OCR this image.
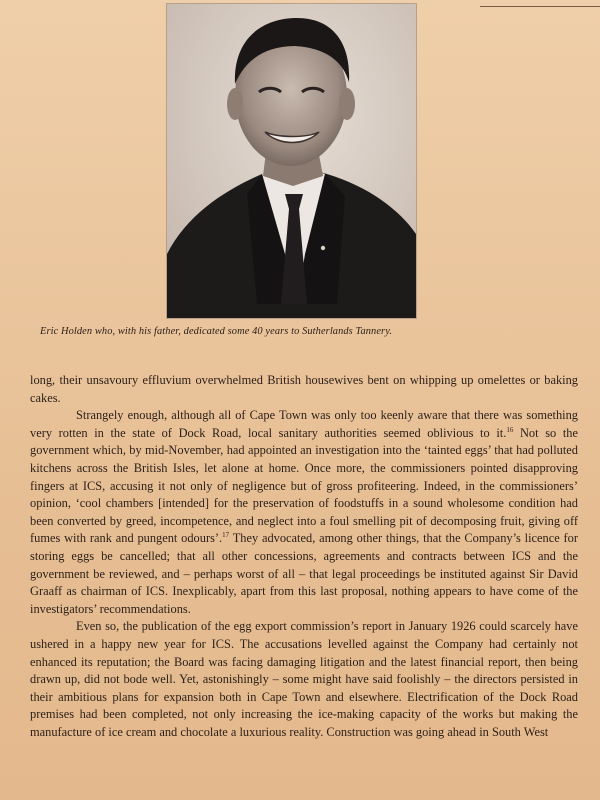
Eric Holden who, with his father, dedicated some 40 years to Sutherlands Tannery.

long, their unsavoury effluvium overwhelmed British housewives bent on whipping up omelettes or baking cakes.

Strangely enough, although all of Cape Town was only too keenly aware that there was something very rotten in the state of Dock Road, local sanitary authorities seemed oblivious to it.$^{16}$ Not so the government which, by mid-November, had appointed an investigation into the ‘tainted eggs’ that had polluted kitchens across the British Isles, let alone at home. Once more, the commissioners pointed disapproving fingers at ICS, accusing it not only of negligence but of gross profiteering. Indeed, in the commissioners’ opinion, ‘cool chambers [intended] for the preservation of foodstuffs in a sound wholesome condition had been converted by greed, incompetence, and neglect into a foul smelling pit of decomposing fruit, giving off fumes with rank and pungent odours’.$^{17}$ They advocated, among other things, that the Company’s licence for storing eggs be cancelled; that all other concessions, agreements and contracts between ICS and the government be reviewed, and – perhaps worst of all – that legal proceedings be instituted against Sir David Graaff as chairman of ICS. Inexplicably, apart from this last proposal, nothing appears to have come of the investigators’ recommendations.

Even so, the publication of the egg export commission’s report in January 1926 could scarcely have ushered in a happy new year for ICS. The accusations levelled against the Company had certainly not enhanced its reputation; the Board was facing damaging litigation and the latest financial report, then being drawn up, did not bode well. Yet, astonishingly – some might have said foolishly – the directors persisted in their ambitious plans for expansion both in Cape Town and elsewhere. Electrification of the Dock Road premises had been completed, not only increasing the ice-making capacity of the works but making the manufacture of ice cream and chocolate a luxurious reality. Construction was going ahead in South West
